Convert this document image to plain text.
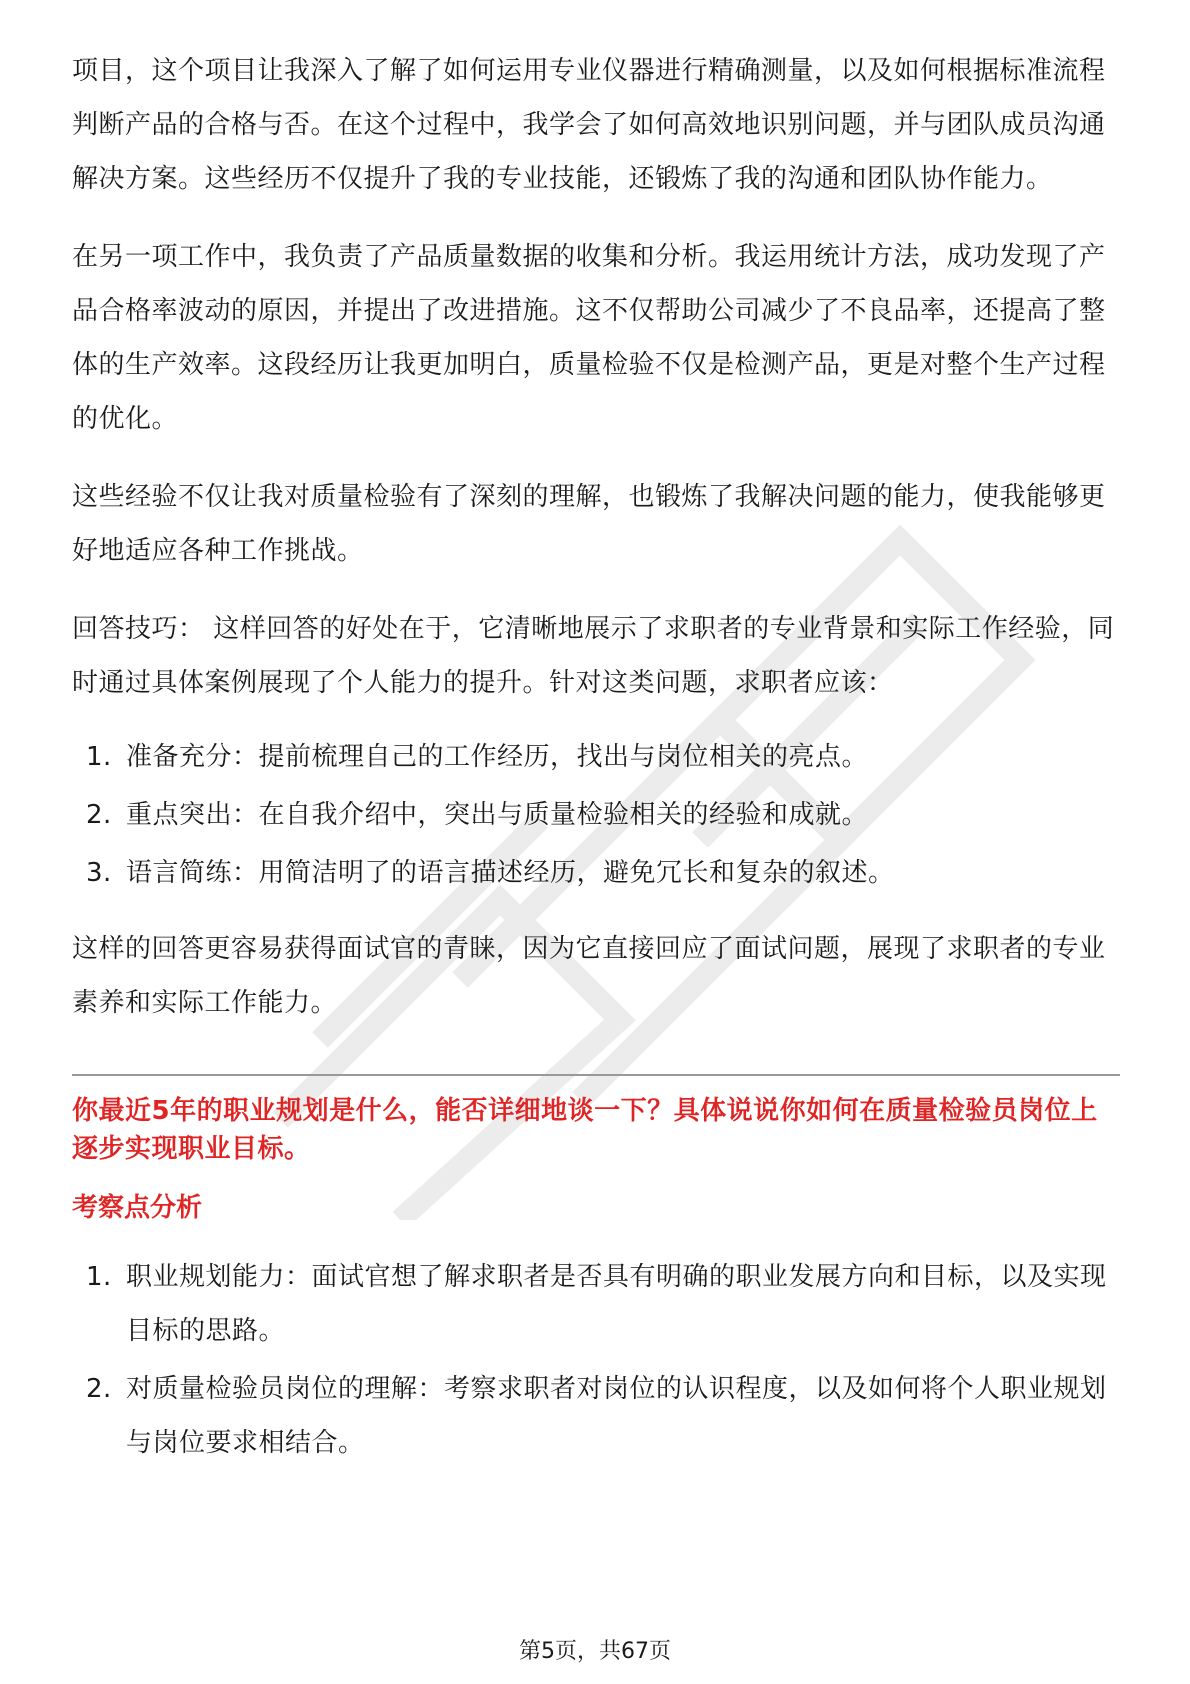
项目，这个项目让我深入了解了如何运用专业仪器进行精确测量，以及如何根据标准流程判断产品的合格与否。在这个过程中，我学会了如何高效地识别问题，并与团队成员沟通解决方案。这些经历不仅提升了我的专业技能，还锻炼了我的沟通和团队协作能力。

在另一项工作中，我负责了产品质量数据的收集和分析。我运用统计方法，成功发现了产品合格率波动的原因，并提出了改进措施。这不仅帮助公司减少了不良品率，还提高了整体的生产效率。这段经历让我更加明白，质量检验不仅是检测产品，更是对整个生产过程的优化。

这些经验不仅让我对质量检验有了深刻的理解，也锻炼了我解决问题的能力，使我能够更好地适应各种工作挑战。

回答技巧： 这样回答的好处在于，它清晰地展示了求职者的专业背景和实际工作经验，同时通过具体案例展现了个人能力的提升。针对这类问题，求职者应该：

1. 准备充分：提前梳理自己的工作经历，找出与岗位相关的亮点。
2. 重点突出：在自我介绍中，突出与质量检验相关的经验和成就。
3. 语言简练：用简洁明了的语言描述经历，避免冗长和复杂的叙述。

这样的回答更容易获得面试官的青睐，因为它直接回应了面试问题，展现了求职者的专业素养和实际工作能力。

你最近5年的职业规划是什么，能否详细地谈一下？具体说说你如何在质量检验员岗位上逐步实现职业目标。

考察点分析
1. 职业规划能力：面试官想了解求职者是否具有明确的职业发展方向和目标，以及实现目标的思路。
2. 对质量检验员岗位的理解：考察求职者对岗位的认识程度，以及如何将个人职业规划与岗位要求相结合。
第5页，共67页
